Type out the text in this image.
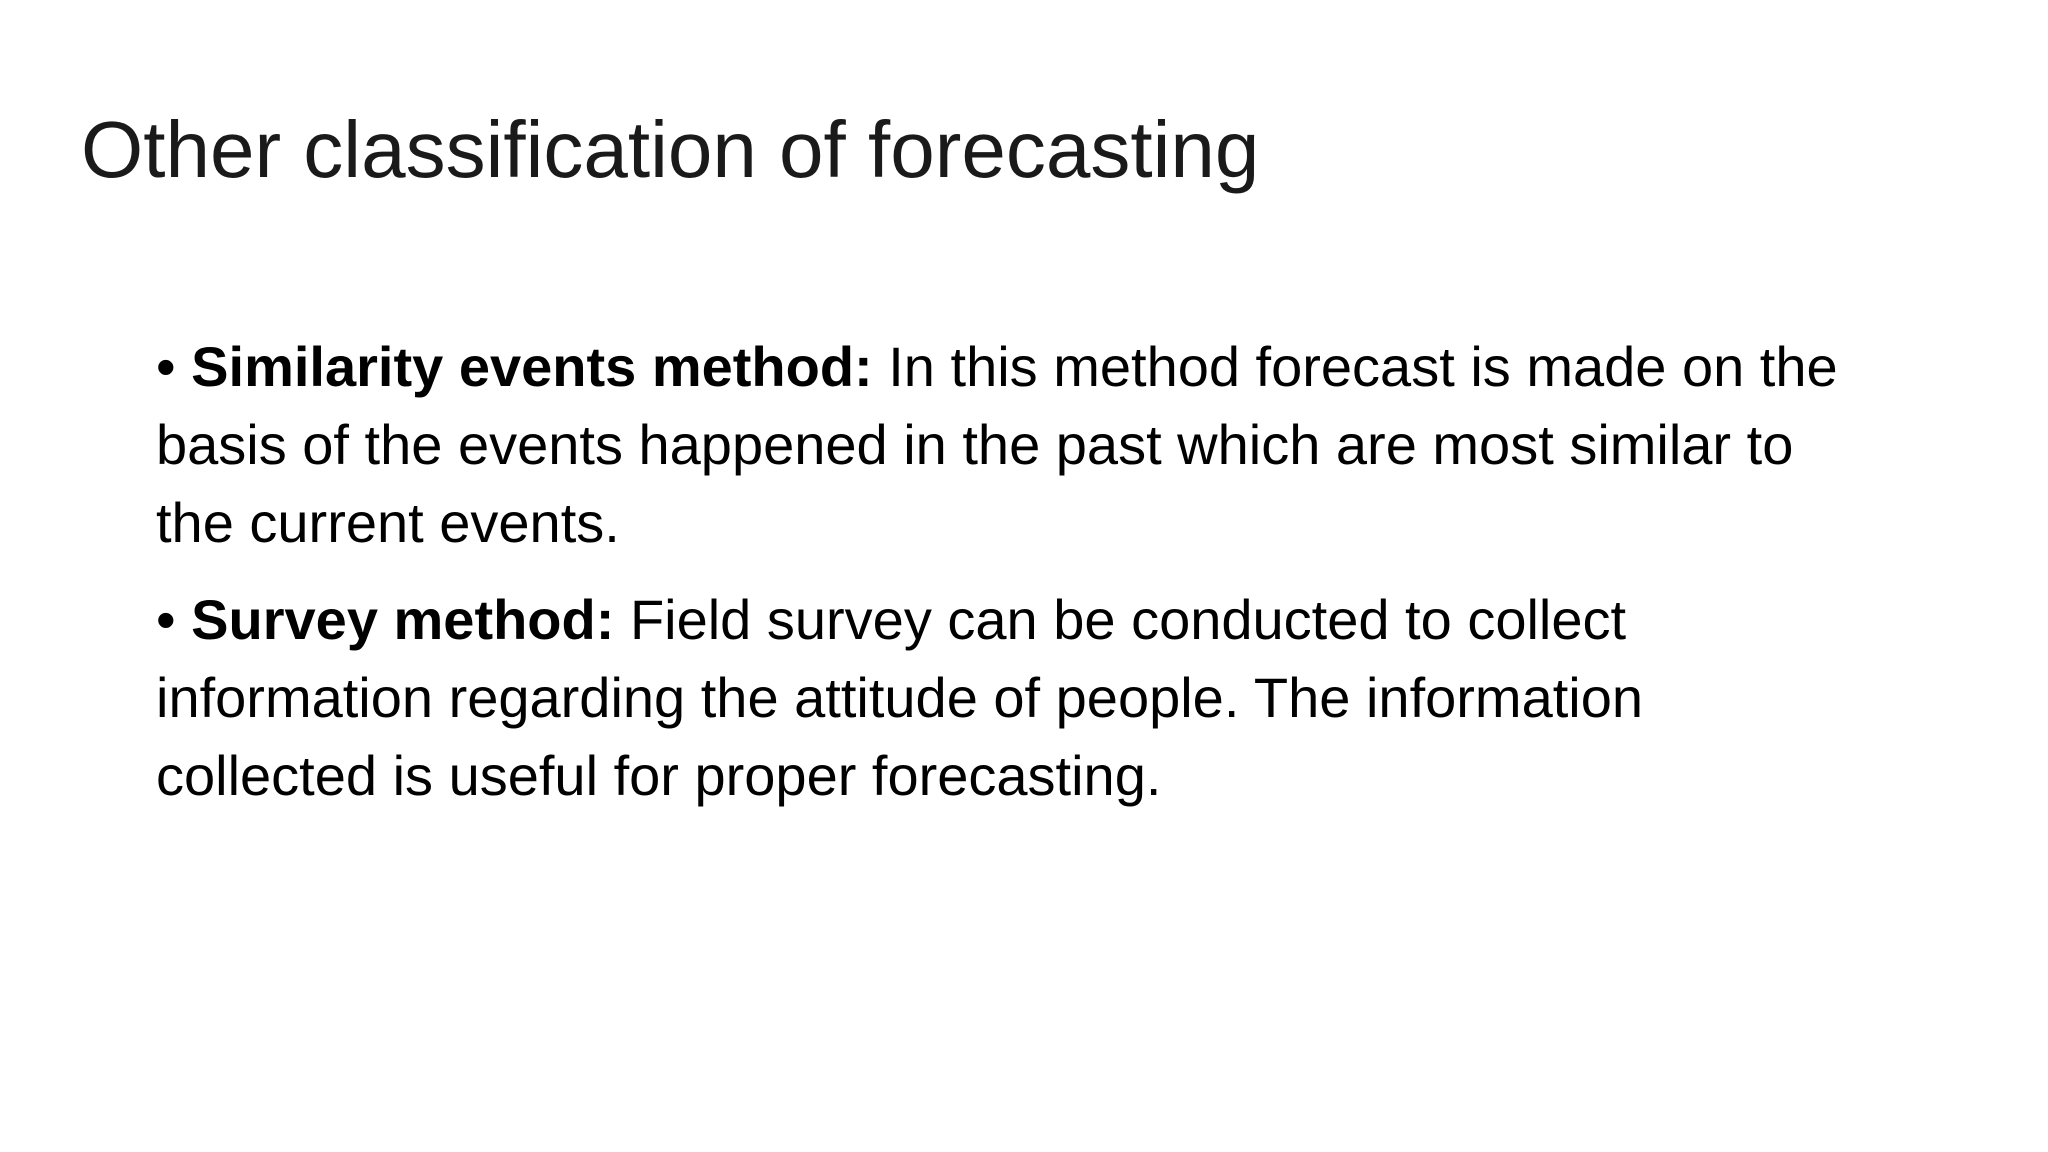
Other classification of forecasting
• Similarity events method: In this method forecast is made on the basis of the events happened in the past which are most similar to the current events.
• Survey method: Field survey can be conducted to collect information regarding the attitude of people. The information collected is useful for proper forecasting.
